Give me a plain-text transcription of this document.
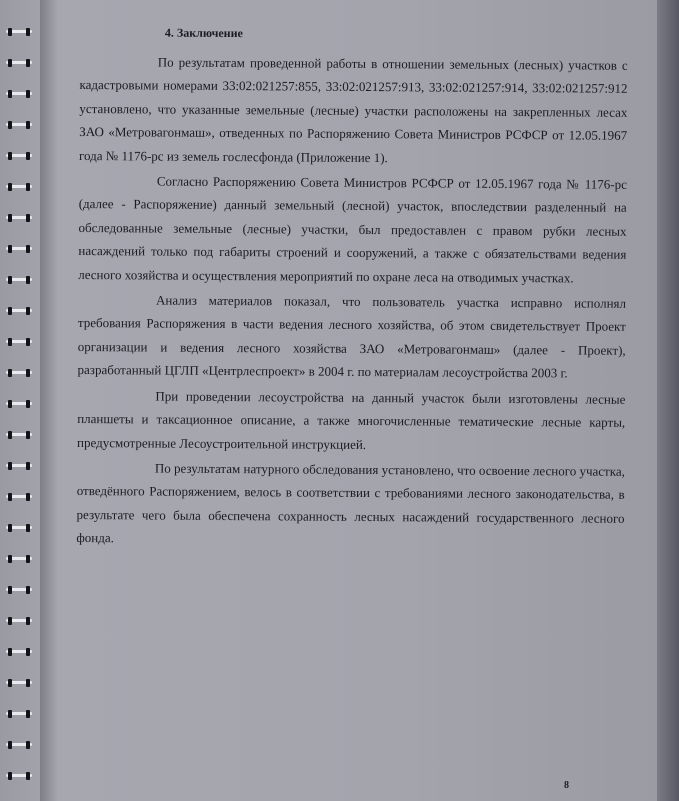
4. Заключение

По результатам проведенной работы в отношении земельных (лесных) участков с кадастровыми номерами 33:02:021257:855, 33:02:021257:913, 33:02:021257:914, 33:02:021257:912 установлено, что указанные земельные (лесные) участки расположены на закрепленных лесах ЗАО «Метровагонмаш», отведенных по Распоряжению Совета Министров РСФСР от 12.05.1967 года № 1176-рс из земель гослесфонда (Приложение 1).

Согласно Распоряжению Совета Министров РСФСР от 12.05.1967 года № 1176-рс (далее - Распоряжение) данный земельный (лесной) участок, впоследствии разделенный на обследованные земельные (лесные) участки, был предоставлен с правом рубки лесных насаждений только под габариты строений и сооружений, а также с обязательствами ведения лесного хозяйства и осуществления мероприятий по охране леса на отводимых участках.

Анализ материалов показал, что пользователь участка исправно исполнял требования Распоряжения в части ведения лесного хозяйства, об этом свидетельствует Проект организации и ведения лесного хозяйства ЗАО «Метровагонмаш» (далее - Проект), разработанный ЦГЛП «Центрлеспроект» в 2004 г. по материалам лесоустройства 2003 г.

При проведении лесоустройства на данный участок были изготовлены лесные планшеты и таксационное описание, а также многочисленные тематические лесные карты, предусмотренные Лесоустроительной инструкцией.

По результатам натурного обследования установлено, что освоение лесного участка, отведённого Распоряжением, велось в соответствии с требованиями лесного законодательства, в результате чего была обеспечена сохранность лесных насаждений государственного лесного фонда.

8
